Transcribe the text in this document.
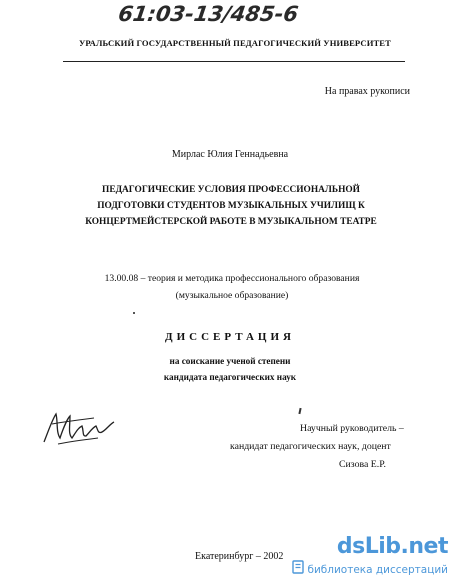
61:03-13/485-6
УРАЛЬСКИЙ ГОСУДАРСТВЕННЫЙ ПЕДАГОГИЧЕСКИЙ УНИВЕРСИТЕТ
На правах рукописи
Мирлас Юлия Геннадьевна
ПЕДАГОГИЧЕСКИЕ УСЛОВИЯ ПРОФЕССИОНАЛЬНОЙ
ПОДГОТОВКИ СТУДЕНТОВ МУЗЫКАЛЬНЫХ УЧИЛИЩ К
КОНЦЕРТМЕЙСТЕРСКОЙ РАБОТЕ В МУЗЫКАЛЬНОМ ТЕАТРЕ
13.00.08 – теория и методика профессионального образования
(музыкальное образование)
ДИССЕРТАЦИЯ
на соискание ученой степени
кандидата педагогических наук
Научный руководитель –
кандидат педагогических наук, доцент
Сизова Е.Р.
Екатеринбург – 2002	dsLib.net
библиотека диссертаций
